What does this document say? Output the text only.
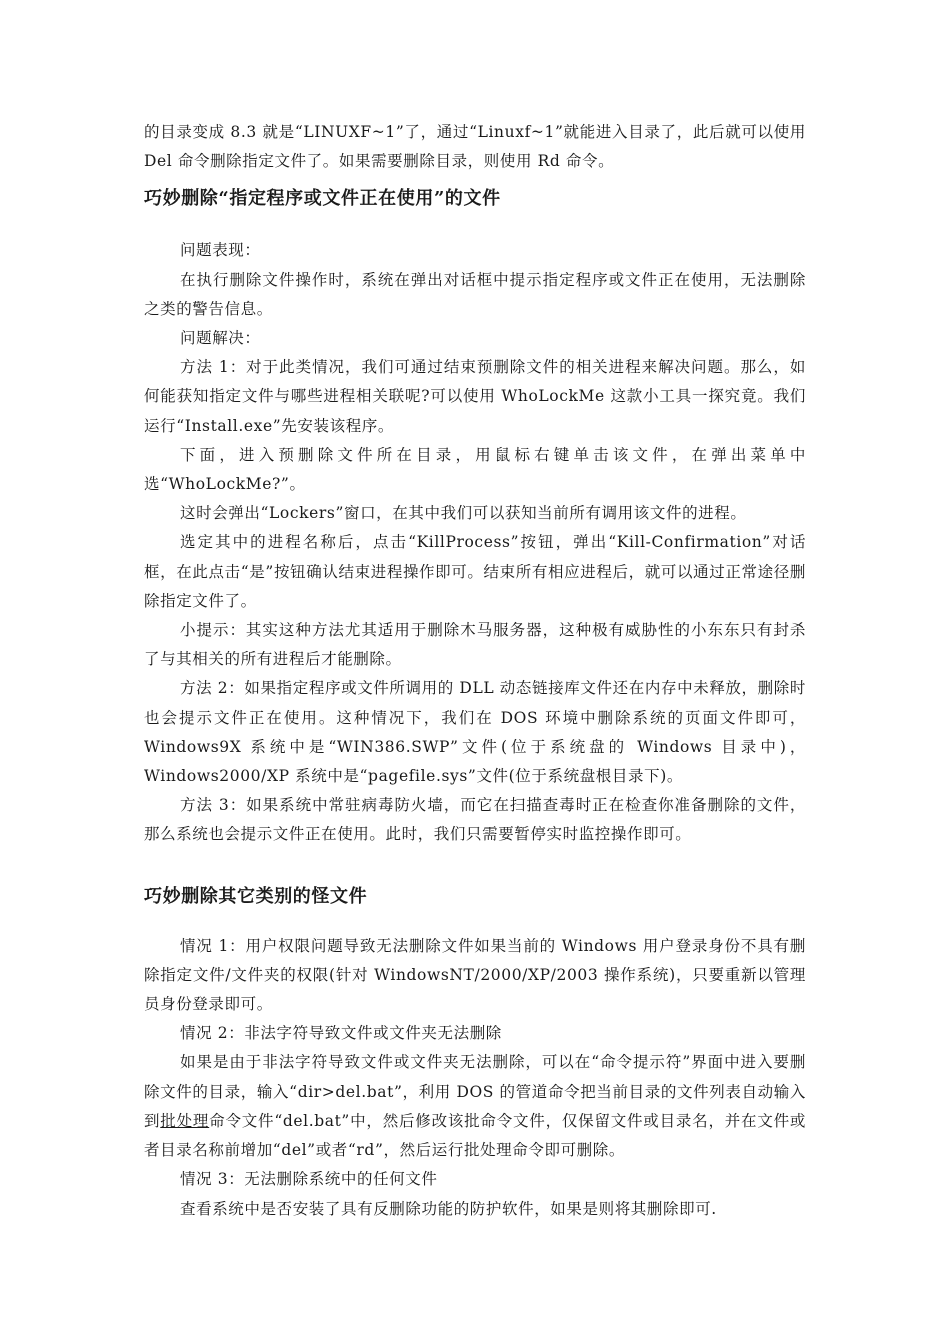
的目录变成 8.3 就是“LINUXF~1”了，通过“Linuxf~1”就能进入目录了，此后就可以使用 Del 命令删除指定文件了。如果需要删除目录，则使用 Rd 命令。

巧妙删除“指定程序或文件正在使用”的文件

问题表现：

在执行删除文件操作时，系统在弹出对话框中提示指定程序或文件正在使用，无法删除之类的警告信息。

问题解决：

方法 1：对于此类情况，我们可通过结束预删除文件的相关进程来解决问题。那么，如何能获知指定文件与哪些进程相关联呢?可以使用 WhoLockMe 这款小工具一探究竟。我们运行“Install.exe”先安装该程序。

下面，进入预删除文件所在目录，用鼠标右键单击该文件，在弹出菜单中选“WhoLockMe?”。

这时会弹出“Lockers”窗口，在其中我们可以获知当前所有调用该文件的进程。

选定其中的进程名称后，点击“KillProcess”按钮，弹出“Kill-Confirmation”对话框，在此点击“是”按钮确认结束进程操作即可。结束所有相应进程后，就可以通过正常途径删除指定文件了。

小提示：其实这种方法尤其适用于删除木马服务器，这种极有威胁性的小东东只有封杀了与其相关的所有进程后才能删除。

方法 2：如果指定程序或文件所调用的 DLL 动态链接库文件还在内存中未释放，删除时也会提示文件正在使用。这种情况下，我们在 DOS 环境中删除系统的页面文件即可，Windows9X 系统中是“WIN386.SWP”文件(位于系统盘的 Windows 目录中)，Windows2000/XP 系统中是“pagefile.sys”文件(位于系统盘根目录下)。

方法 3：如果系统中常驻病毒防火墙，而它在扫描查毒时正在检查你准备删除的文件，那么系统也会提示文件正在使用。此时，我们只需要暂停实时监控操作即可。

巧妙删除其它类别的怪文件

情况 1：用户权限问题导致无法删除文件如果当前的 Windows 用户登录身份不具有删除指定文件/文件夹的权限(针对 WindowsNT/2000/XP/2003 操作系统)，只要重新以管理员身份登录即可。

情况 2：非法字符导致文件或文件夹无法删除

如果是由于非法字符导致文件或文件夹无法删除，可以在“命令提示符”界面中进入要删除文件的目录，输入“dir>del.bat”，利用 DOS 的管道命令把当前目录的文件列表自动输入到批处理命令文件“del.bat”中，然后修改该批命令文件，仅保留文件或目录名，并在文件或者目录名称前增加“del”或者“rd”，然后运行批处理命令即可删除。

情况 3：无法删除系统中的任何文件

查看系统中是否安装了具有反删除功能的防护软件，如果是则将其删除即可.
